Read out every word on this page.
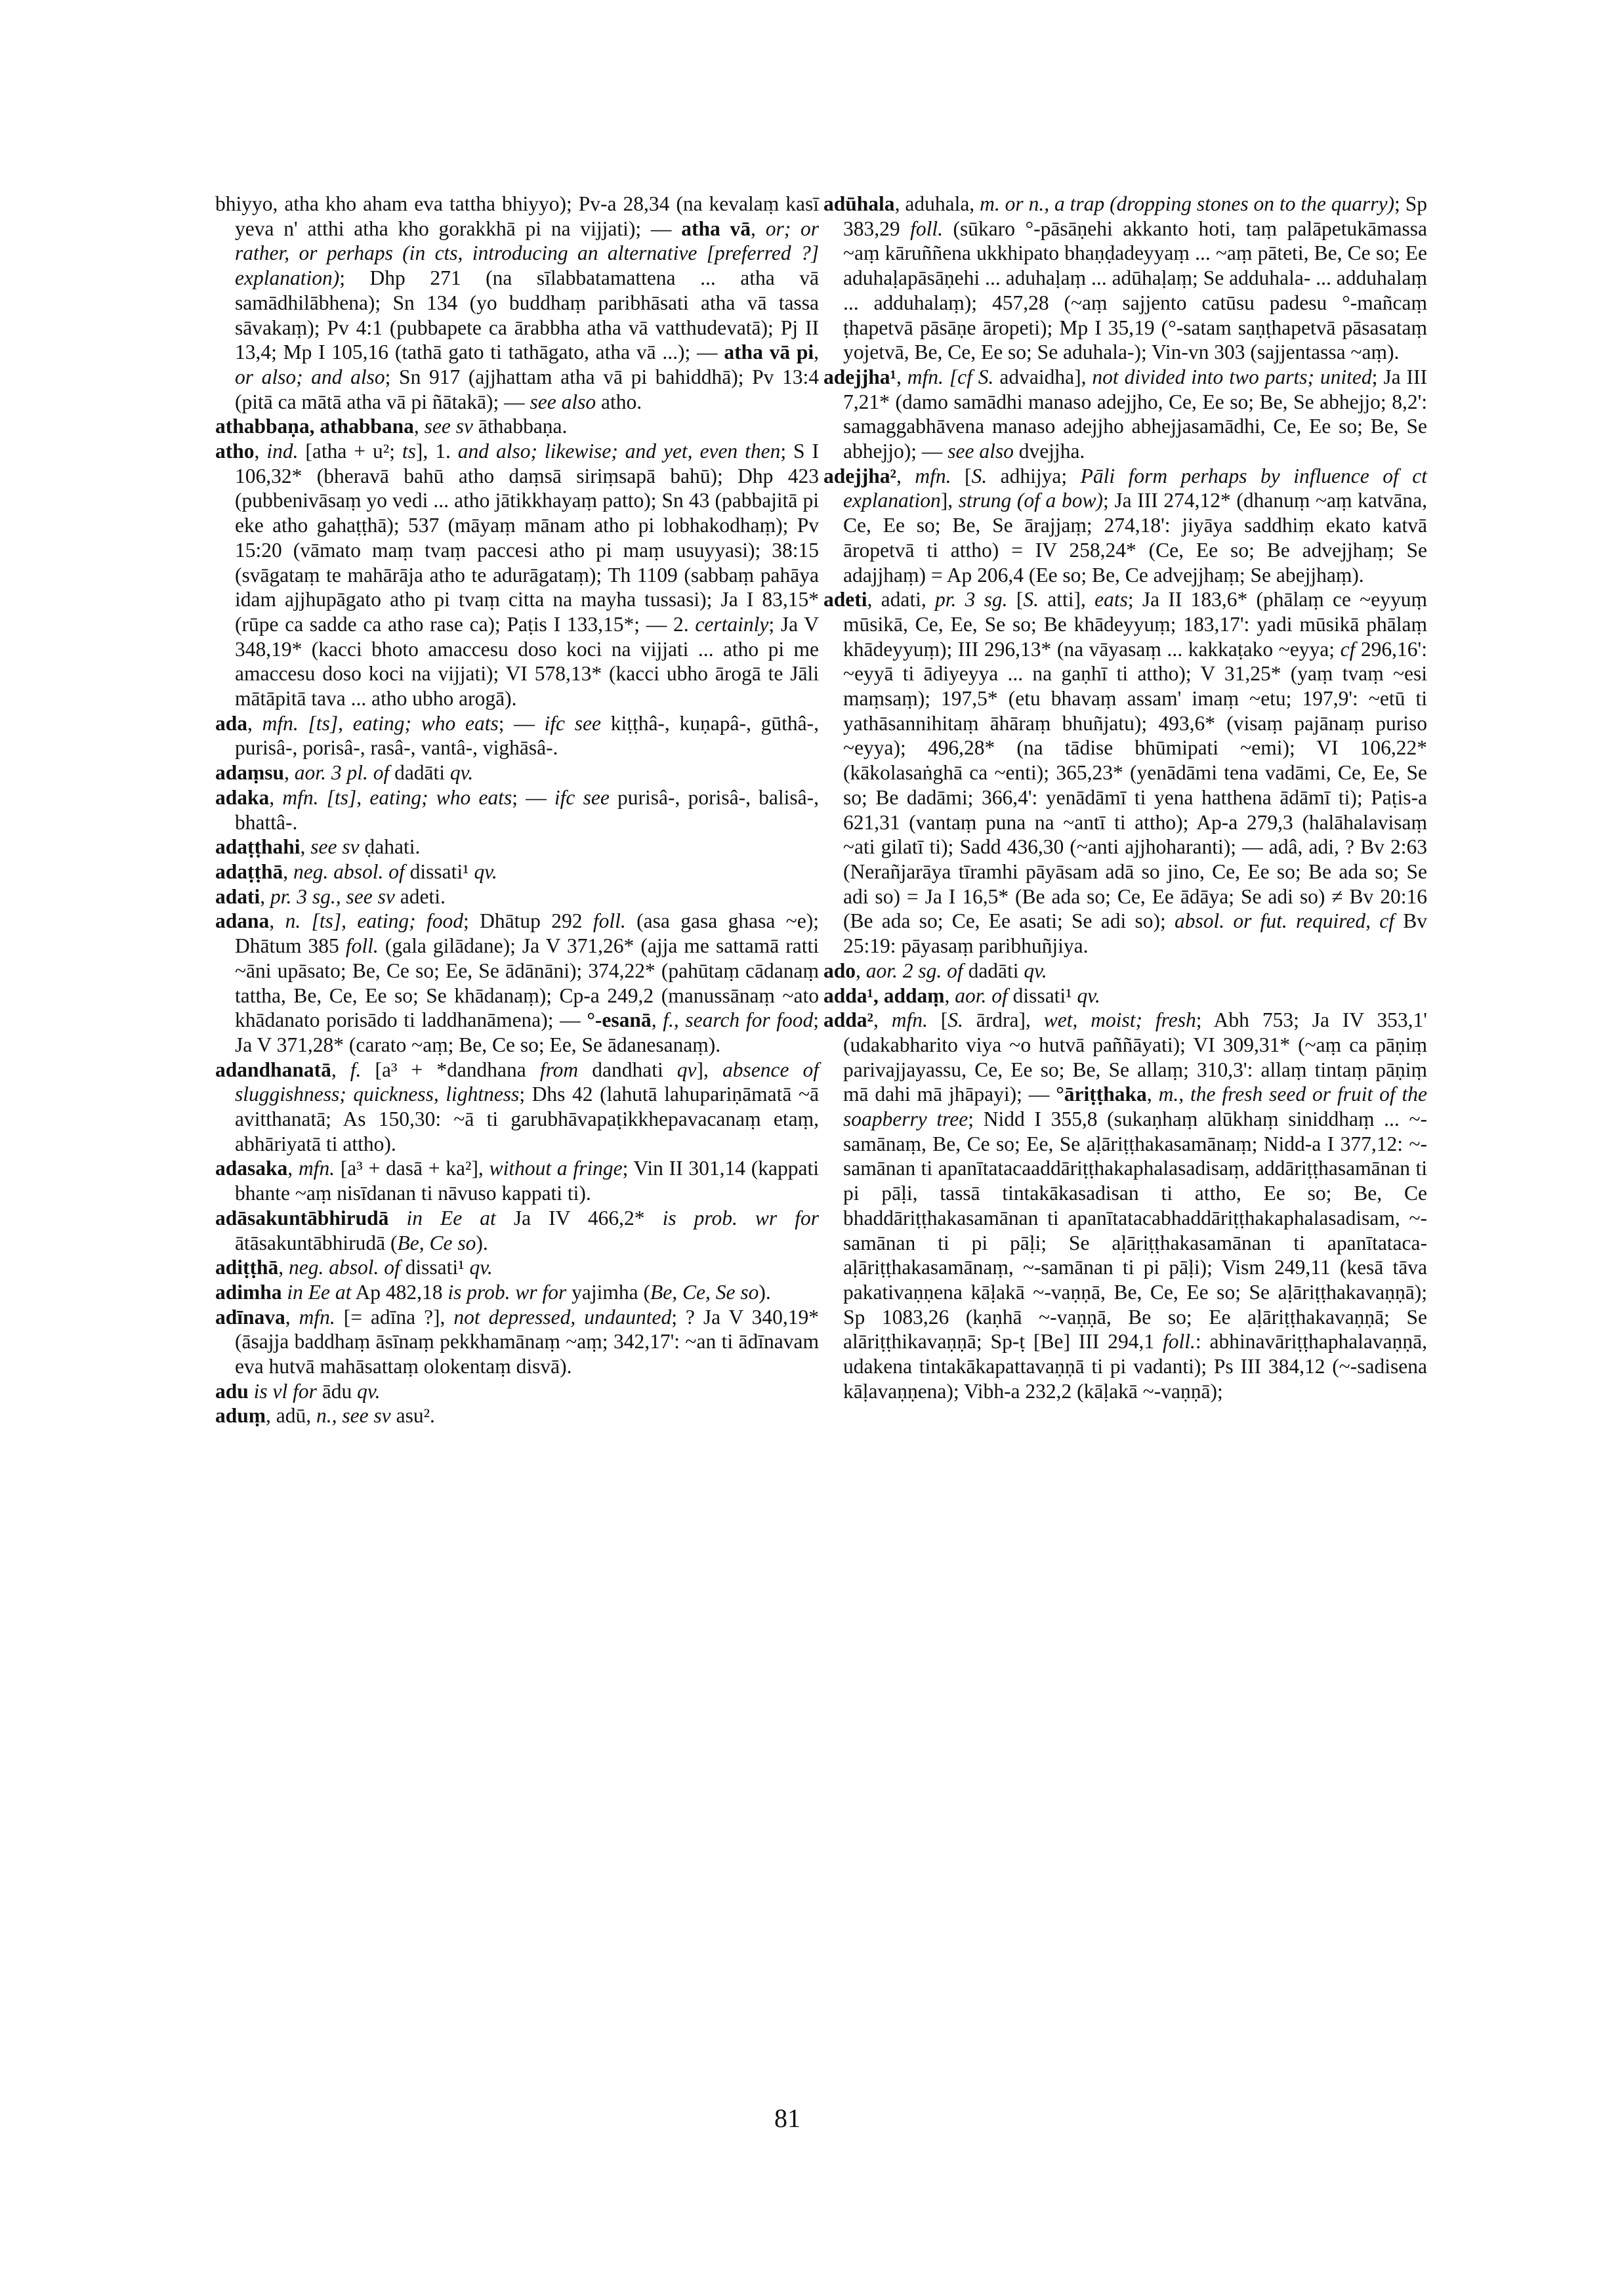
bhiyyo, atha kho aham eva tattha bhiyyo); Pv-a 28,34 (na kevalaṃ kasī yeva n' atthi atha kho gorakkhā pi na vijjati); — atha vā, or; or rather, or perhaps (in cts, introducing an alternative [preferred ?] explanation); Dhp 271 (na sīlabbatamattena ... atha vā samādhilābhena); Sn 134 (yo buddhaṃ paribhāsati atha vā tassa sāvakaṃ); Pv 4:1 (pubbapete ca ārabbha atha vā vatthudevatā); Pj II 13,4; Mp I 105,16 (tathā gato ti tathāgato, atha vā ...); — atha vā pi, or also; and also; Sn 917 (ajjhattam atha vā pi bahiddhā); Pv 13:4 (pitā ca mātā atha vā pi ñātakā); — see also atho.

athabbaṇa, athabbana, see sv āthabbaṇa.

atho, ind. [atha + u²; ts], 1. and also; likewise; and yet, even then; S I 106,32* (bheravā bahū atho daṃsā siriṃsapā bahū); Dhp 423 (pubbenivāsaṃ yo vedi ... atho jātikkhayaṃ patto); Sn 43 (pabbajitā pi eke atho gahaṭṭhā); 537 (māyaṃ mānam atho pi lobhakodhaṃ); Pv 15:20 (vāmato maṃ tvaṃ paccesi atho pi maṃ usuyyasi); 38:15 (svāgataṃ te mahārāja atho te adurāgataṃ); Th 1109 (sabbaṃ pahāya idam ajjhupāgato atho pi tvaṃ citta na mayha tussasi); Ja I 83,15* (rūpe ca sadde ca atho rase ca); Paṭis I 133,15*; — 2. certainly; Ja V 348,19* (kacci bhoto amaccesu doso koci na vijjati ... atho pi me amaccesu doso koci na vijjati); VI 578,13* (kacci ubho ārogā te Jāli mātāpitā tava ... atho ubho arogā).

ada, mfn. [ts], eating; who eats; — ifc see kiṭṭhâ-, kuṇapâ-, gūthâ-, purisâ-, porisâ-, rasâ-, vantâ-, vighāsâ-.

adaṃsu, aor. 3 pl. of dadāti qv.

adaka, mfn. [ts], eating; who eats; — ifc see purisâ-, porisâ-, balisâ-, bhattâ-.

adaṭṭhahi, see sv ḍahati.

adaṭṭhā, neg. absol. of dissati¹ qv.

adati, pr. 3 sg., see sv adeti.

adana, n. [ts], eating; food; Dhātup 292 foll. (asa gasa ghasa ~e); Dhātum 385 foll. (gala gilādane); Ja V 371,26* (ajja me sattamā ratti ~āni upāsato; Be, Ce so; Ee, Se ādānāni); 374,22* (pahūtaṃ cādanaṃ tattha, Be, Ce, Ee so; Se khādanaṃ); Cp-a 249,2 (manussānaṃ ~ato khādanato porisādo ti laddhanāmena); — °-esanā, f., search for food; Ja V 371,28* (carato ~aṃ; Be, Ce so; Ee, Se ādanesanaṃ).

adandhanatā, f. [a³ + *dandhana from dandhati qv], absence of sluggishness; quickness, lightness; Dhs 42 (lahutā lahupariṇāmatā ~ā avitthanatā; As 150,30: ~ā ti garubhāvapaṭikkhepavacanaṃ etaṃ, abhāriyatā ti attho).

adasaka, mfn. [a³ + dasā + ka²], without a fringe; Vin II 301,14 (kappati bhante ~aṃ nisīdanan ti nāvuso kappati ti).

adāsakuntābhirudā in Ee at Ja IV 466,2* is prob. wr for ātāsakuntābhirudā (Be, Ce so).

adiṭṭhā, neg. absol. of dissati¹ qv.

adimha in Ee at Ap 482,18 is prob. wr for yajimha (Be, Ce, Se so).

adīnava, mfn. [= adīna ?], not depressed, undaunted; ? Ja V 340,19* (āsajja baddhaṃ āsīnaṃ pekkhamānaṃ ~aṃ; 342,17': ~an ti ādīnavam eva hutvā mahāsattaṃ olokentaṃ disvā).

adu is vl for ādu qv.

aduṃ, adū, n., see sv asu².

adūhala, aduhala, m. or n., a trap (dropping stones on to the quarry); Sp 383,29 foll. (sūkaro °-pāsāṇehi akkanto hoti, taṃ palāpetukāmassa ~aṃ kāruññena ukkhipato bhaṇḍadeyyaṃ ... ~aṃ pāteti, Be, Ce so; Ee aduhaḷapāsāṇehi ... aduhaḷaṃ ... adūhaḷaṃ; Se adduhala- ... adduhalaṃ ... adduhalaṃ); 457,28 (~aṃ sajjento catūsu padesu °-mañcaṃ ṭhapetvā pāsāṇe āropeti); Mp I 35,19 (°-satam saṇṭhapetvā pāsasataṃ yojetvā, Be, Ce, Ee so; Se aduhala-); Vin-vn 303 (sajjentassa ~aṃ).

adejjha¹, mfn. [cf S. advaidha], not divided into two parts; united; Ja III 7,21* (damo samādhi manaso adejjho, Ce, Ee so; Be, Se abhejjo; 8,2': samaggabhāvena manaso adejjho abhejjasamādhi, Ce, Ee so; Be, Se abhejjo); — see also dvejjha.

adejjha², mfn. [S. adhijya; Pāli form perhaps by influence of ct explanation], strung (of a bow); Ja III 274,12* (dhanuṃ ~aṃ katvāna, Ce, Ee so; Be, Se ārajjaṃ; 274,18': jiyāya saddhiṃ ekato katvā āropetvā ti attho) = IV 258,24* (Ce, Ee so; Be advejjhaṃ; Se adajjhaṃ) = Ap 206,4 (Ee so; Be, Ce advejjhaṃ; Se abejjhaṃ).

adeti, adati, pr. 3 sg. [S. atti], eats; Ja II 183,6* (phālaṃ ce ~eyyuṃ mūsikā, Ce, Ee, Se so; Be khādeyyuṃ; 183,17': yadi mūsikā phālaṃ khādeyyuṃ); III 296,13* (na vāyasaṃ ... kakkaṭako ~eyya; cf 296,16': ~eyyā ti ādiyeyya ... na gaṇhī ti attho); V 31,25* (yaṃ tvaṃ ~esi maṃsaṃ); 197,5* (etu bhavaṃ assam' imaṃ ~etu; 197,9': ~etū ti yathāsannihitaṃ āhāraṃ bhuñjatu); 493,6* (visaṃ pajānaṃ puriso ~eyya); 496,28* (na tādise bhūmipati ~emi); VI 106,22* (kākolasaṅghā ca ~enti); 365,23* (yenādāmi tena vadāmi, Ce, Ee, Se so; Be dadāmi; 366,4': yenādāmī ti yena hatthena ādāmī ti); Paṭis-a 621,31 (vantaṃ puna na ~antī ti attho); Ap-a 279,3 (halāhalavisaṃ ~ati gilatī ti); Sadd 436,30 (~anti ajjhoharanti); — adâ, adi, ? Bv 2:63 (Nerañjarāya tīramhi pāyāsam adā so jino, Ce, Ee so; Be ada so; Se adi so) = Ja I 16,5* (Be ada so; Ce, Ee ādāya; Se adi so) ≠ Bv 20:16 (Be ada so; Ce, Ee asati; Se adi so); absol. or fut. required, cf Bv 25:19: pāyasaṃ paribhuñjiya.

ado, aor. 2 sg. of dadāti qv.

adda¹, addaṃ, aor. of dissati¹ qv.

adda², mfn. [S. ārdra], wet, moist; fresh; Abh 753; Ja IV 353,1' (udakabharito viya ~o hutvā paññāyati); VI 309,31* (~aṃ ca pāṇiṃ parivajjayassu, Ce, Ee so; Be, Se allaṃ; 310,3': allaṃ tintaṃ pāṇiṃ mā dahi mā jhāpayi); — °āriṭṭhaka, m., the fresh seed or fruit of the soapberry tree; Nidd I 355,8 (sukaṇhaṃ alūkhaṃ siniddhaṃ ... ~-samānaṃ, Be, Ce so; Ee, Se aḷāriṭṭhakasamānaṃ; Nidd-a I 377,12: ~-samānan ti apanītatacaaddāriṭṭhakaphalasadisaṃ, addāriṭṭhasamānan ti pi pāḷi, tassā tintakākasadisan ti attho, Ee so; Be, Ce bhaddāriṭṭhakasamānan ti apanītatacabhaddāriṭṭhakaphalasadisam, ~-samānan ti pi pāḷi; Se aḷāriṭṭhakasamānan ti apanītataca-aḷāriṭṭhakasamānaṃ, ~-samānan ti pi pāḷi); Vism 249,11 (kesā tāva pakativaṇṇena kāḷakā ~-vaṇṇā, Be, Ce, Ee so; Se aḷāriṭṭhakavaṇṇā); Sp 1083,26 (kaṇhā ~-vaṇṇā, Be so; Ee aḷāriṭṭhakavaṇṇā; Se alāriṭṭhikavaṇṇā; Sp-ṭ [Be] III 294,1 foll.: abhinavāriṭṭhaphalavaṇṇā, udakena tintakākapattavaṇṇā ti pi vadanti); Ps III 384,12 (~-sadisena kāḷavaṇṇena); Vibh-a 232,2 (kāḷakā ~-vaṇṇā);

81
